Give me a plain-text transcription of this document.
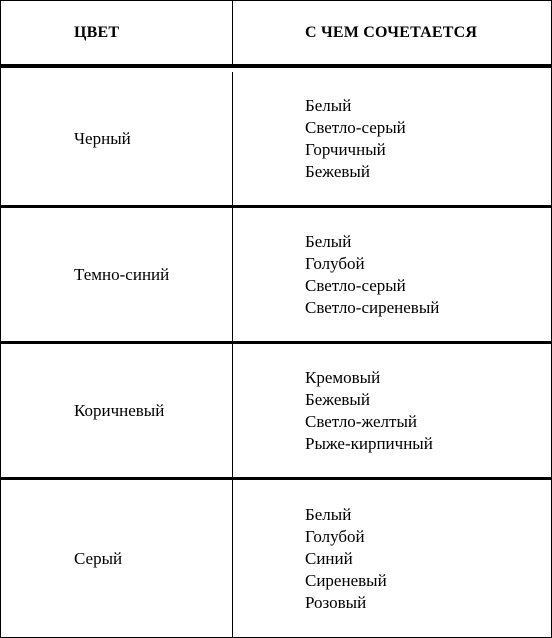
ЦВЕТ	С ЧЕМ СОЧЕТАЕТСЯ
Черный
Белый
Светло-серый
Горчичный
Бежевый
Темно-синий
Белый
Голубой
Светло-серый
Светло-сиреневый
Коричневый
Кремовый
Бежевый
Светло-желтый
Рыже-кирпичный
Серый
Белый
Голубой
Синий
Сиреневый
Розовый
